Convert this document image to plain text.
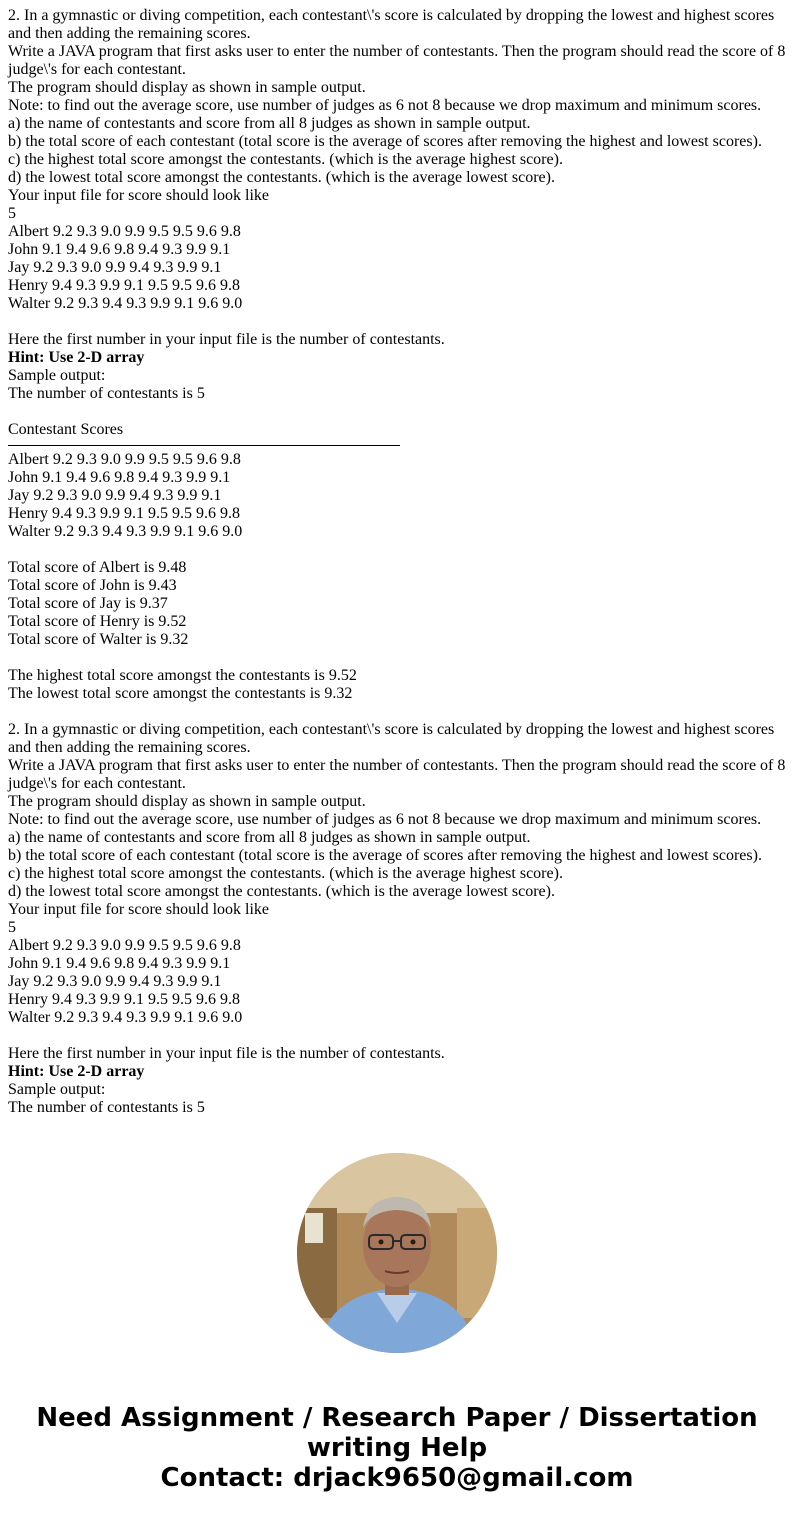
2. In a gymnastic or diving competition, each contestant\'s score is calculated by dropping the lowest and highest scores and then adding the remaining scores.

Write a JAVA program that first asks user to enter the number of contestants. Then the program should read the score of 8 judge\'s for each contestant.

The program should display as shown in sample output.

Note: to find out the average score, use number of judges as 6 not 8 because we drop maximum and minimum scores.

a) the name of contestants and score from all 8 judges as shown in sample output.

b) the total score of each contestant (total score is the average of scores after removing the highest and lowest scores).

c) the highest total score amongst the contestants. (which is the average highest score).

d) the lowest total score amongst the contestants. (which is the average lowest score).

Your input file for score should look like

5

Albert 9.2 9.3 9.0 9.9 9.5 9.5 9.6 9.8

John 9.1 9.4 9.6 9.8 9.4 9.3 9.9 9.1

Jay 9.2 9.3 9.0 9.9 9.4 9.3 9.9 9.1

Henry 9.4 9.3 9.9 9.1 9.5 9.5 9.6 9.8

Walter 9.2 9.3 9.4 9.3 9.9 9.1 9.6 9.0

Here the first number in your input file is the number of contestants.

Hint: Use 2-D array

Sample output:

The number of contestants is 5

Contestant Scores

Albert 9.2 9.3 9.0 9.9 9.5 9.5 9.6 9.8

John 9.1 9.4 9.6 9.8 9.4 9.3 9.9 9.1

Jay 9.2 9.3 9.0 9.9 9.4 9.3 9.9 9.1

Henry 9.4 9.3 9.9 9.1 9.5 9.5 9.6 9.8

Walter 9.2 9.3 9.4 9.3 9.9 9.1 9.6 9.0

Total score of Albert is 9.48

Total score of John is 9.43

Total score of Jay is 9.37

Total score of Henry is 9.52

Total score of Walter is 9.32

The highest total score amongst the contestants is 9.52

The lowest total score amongst the contestants is 9.32

2. In a gymnastic or diving competition, each contestant\'s score is calculated by dropping the lowest and highest scores and then adding the remaining scores.

Write a JAVA program that first asks user to enter the number of contestants. Then the program should read the score of 8 judge\'s for each contestant.

The program should display as shown in sample output.

Note: to find out the average score, use number of judges as 6 not 8 because we drop maximum and minimum scores.

a) the name of contestants and score from all 8 judges as shown in sample output.

b) the total score of each contestant (total score is the average of scores after removing the highest and lowest scores).

c) the highest total score amongst the contestants. (which is the average highest score).

d) the lowest total score amongst the contestants. (which is the average lowest score).

Your input file for score should look like

5

Albert 9.2 9.3 9.0 9.9 9.5 9.5 9.6 9.8

John 9.1 9.4 9.6 9.8 9.4 9.3 9.9 9.1

Jay 9.2 9.3 9.0 9.9 9.4 9.3 9.9 9.1

Henry 9.4 9.3 9.9 9.1 9.5 9.5 9.6 9.8

Walter 9.2 9.3 9.4 9.3 9.9 9.1 9.6 9.0

Here the first number in your input file is the number of contestants.

Hint: Use 2-D array

Sample output:

The number of contestants is 5

Need Assignment / Research Paper / Dissertation
writing Help
Contact: drjack9650@gmail.com
